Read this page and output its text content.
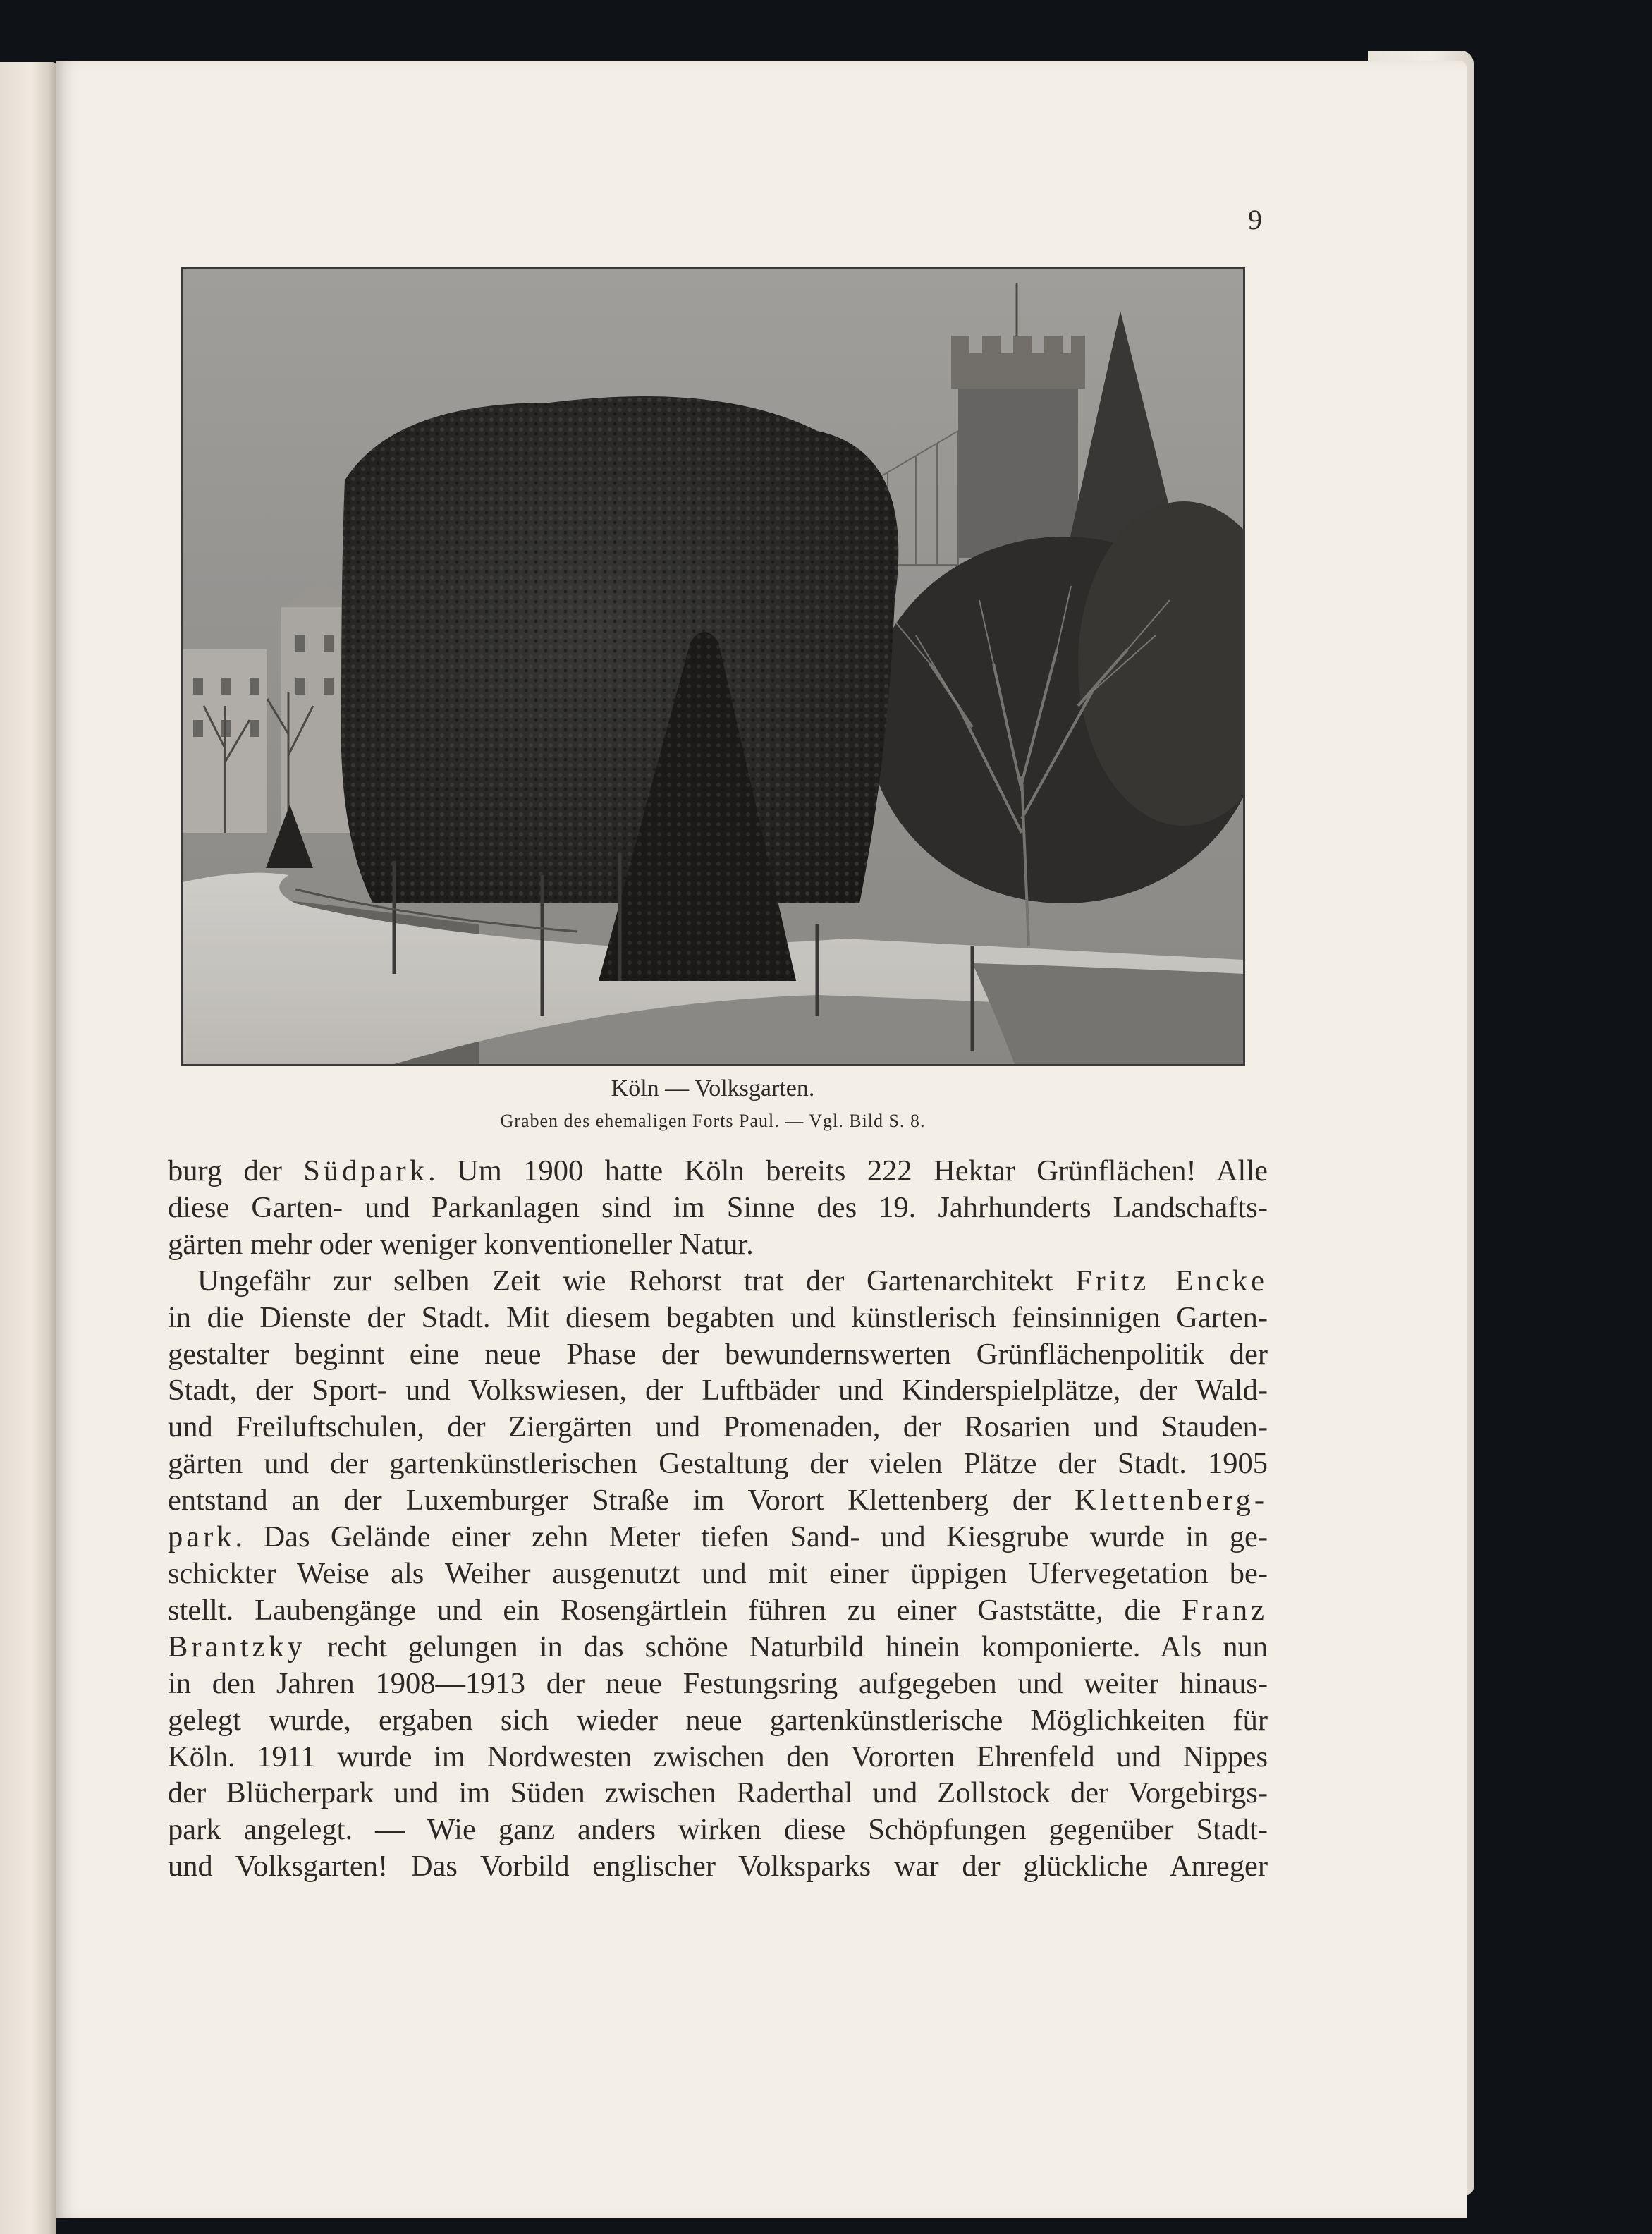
9
Köln — Volksgarten.
Graben des ehemaligen Forts Paul. — Vgl. Bild S. 8.
burg der Südpark. Um 1900 hatte Köln bereits 222 Hektar Grünflächen! Alle
diese Garten- und Parkanlagen sind im Sinne des 19. Jahrhunderts Landschafts-
gärten mehr oder weniger konventioneller Natur.
Ungefähr zur selben Zeit wie Rehorst trat der Gartenarchitekt Fritz Encke
in die Dienste der Stadt. Mit diesem begabten und künstlerisch feinsinnigen Garten-
gestalter beginnt eine neue Phase der bewundernswerten Grünflächenpolitik der
Stadt, der Sport- und Volkswiesen, der Luftbäder und Kinderspielplätze, der Wald-
und Freiluftschulen, der Ziergärten und Promenaden, der Rosarien und Stauden-
gärten und der gartenkünstlerischen Gestaltung der vielen Plätze der Stadt. 1905
entstand an der Luxemburger Straße im Vorort Klettenberg der Klettenberg-
park. Das Gelände einer zehn Meter tiefen Sand- und Kiesgrube wurde in ge-
schickter Weise als Weiher ausgenutzt und mit einer üppigen Ufervegetation be-
stellt. Laubengänge und ein Rosengärtlein führen zu einer Gaststätte, die Franz
Brantzky recht gelungen in das schöne Naturbild hinein komponierte. Als nun
in den Jahren 1908—1913 der neue Festungsring aufgegeben und weiter hinaus-
gelegt wurde, ergaben sich wieder neue gartenkünstlerische Möglichkeiten für
Köln. 1911 wurde im Nordwesten zwischen den Vororten Ehrenfeld und Nippes
der Blücherpark und im Süden zwischen Raderthal und Zollstock der Vorgebirgs-
park angelegt. — Wie ganz anders wirken diese Schöpfungen gegenüber Stadt-
und Volksgarten! Das Vorbild englischer Volksparks war der glückliche Anreger
